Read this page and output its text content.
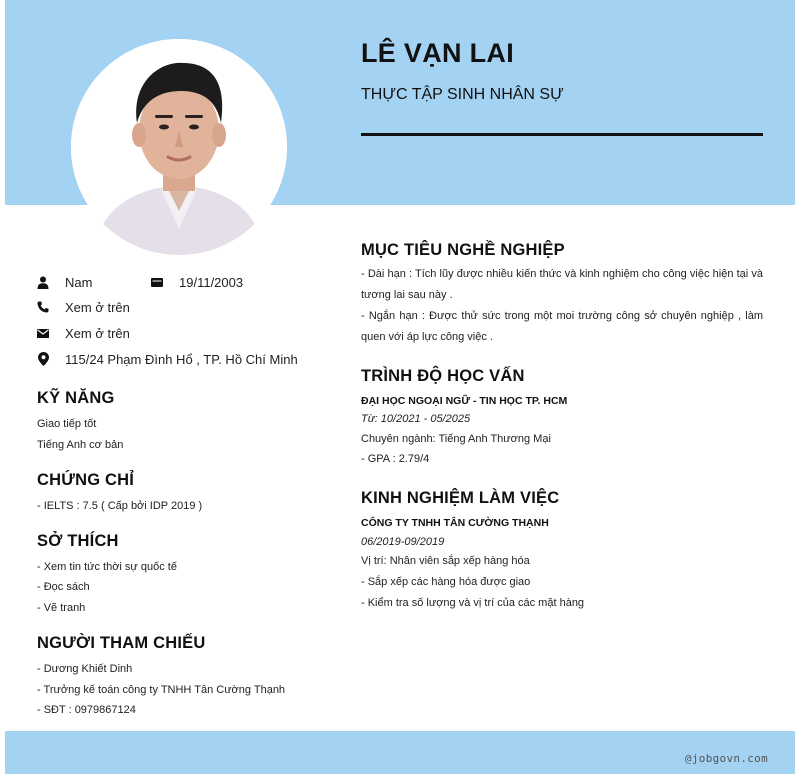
LÊ VẠN LAI
THỰC TẬP SINH NHÂN SỰ
Nam	19/11/2003
Xem ở trên
Xem ở trên
115/24 Phạm Đình Hổ , TP. Hồ Chí Minh
KỸ NĂNG
Giao tiếp tốt
Tiếng Anh cơ bản
CHỨNG CHỈ
- IELTS : 7.5 ( Cấp bởi IDP 2019 )
SỞ THÍCH
- Xem tin tức thời sự quốc tế
- Đọc sách
- Vẽ tranh
NGƯỜI THAM CHIẾU
- Dương Khiết Dinh
- Trưởng kế toán công ty TNHH Tân Cường Thạnh
- SĐT : 0979867124
MỤC TIÊU NGHỀ NGHIỆP
- Dài hạn : Tích lũy được nhiều kiến thức và kinh nghiệm cho công việc hiện tại và tương lai sau này .
- Ngắn hạn : Được thử sức trong một moi trường công sở chuyên nghiệp , làm quen với áp lực công việc .
TRÌNH ĐỘ HỌC VẤN
ĐẠI HỌC NGOẠI NGỮ - TIN HỌC TP. HCM
Từ: 10/2021 - 05/2025
Chuyên ngành: Tiếng Anh Thương Mại
- GPA : 2.79/4
KINH NGHIỆM LÀM VIỆC
CÔNG TY TNHH TÂN CƯỜNG THẠNH
06/2019-09/2019
Vị trí: Nhân viên sắp xếp hàng hóa
- Sắp xếp các hàng hóa được giao
- Kiểm tra số lượng và vị trí của các mặt hàng
@jobgovn.com
